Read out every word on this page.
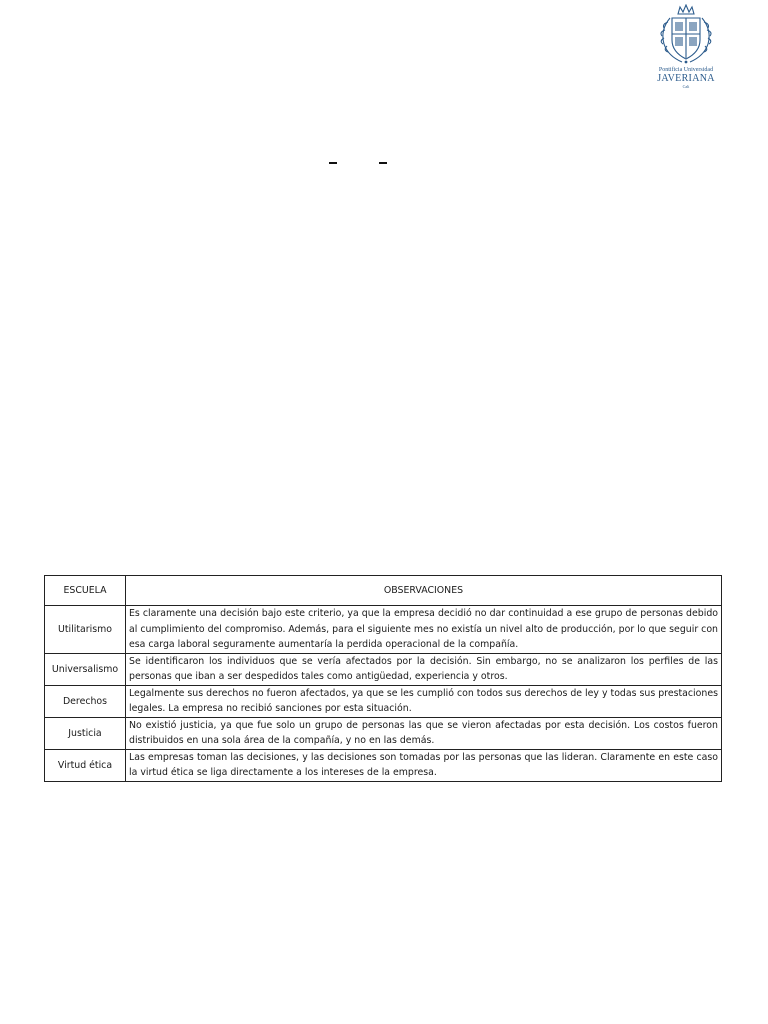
Pontificia Universidad
JAVERIANA
Cali
ESCUELA	OBSERVACIONES
Utilitarismo	Es claramente una decisión bajo este criterio, ya que la empresa decidió no dar continuidad a ese grupo de personas debido al cumplimiento del compromiso. Además, para el siguiente mes no existía un nivel alto de producción, por lo que seguir con esa carga laboral seguramente aumentaría la perdida operacional de la compañía.
Universalismo	Se identificaron los individuos que se vería afectados por la decisión. Sin embargo, no se analizaron los perfiles de las personas que iban a ser despedidos tales como antigüedad, experiencia y otros.
Derechos	Legalmente sus derechos no fueron afectados, ya que se les cumplió con todos sus derechos de ley y todas sus prestaciones legales. La empresa no recibió sanciones por esta situación.
Justicia	No existió justicia, ya que fue solo un grupo de personas las que se vieron afectadas por esta decisión. Los costos fueron distribuidos en una sola área de la compañía, y no en las demás.
Virtud ética	Las empresas toman las decisiones, y las decisiones son tomadas por las personas que las lideran. Claramente en este caso la virtud ética se liga directamente a los intereses de la empresa.
